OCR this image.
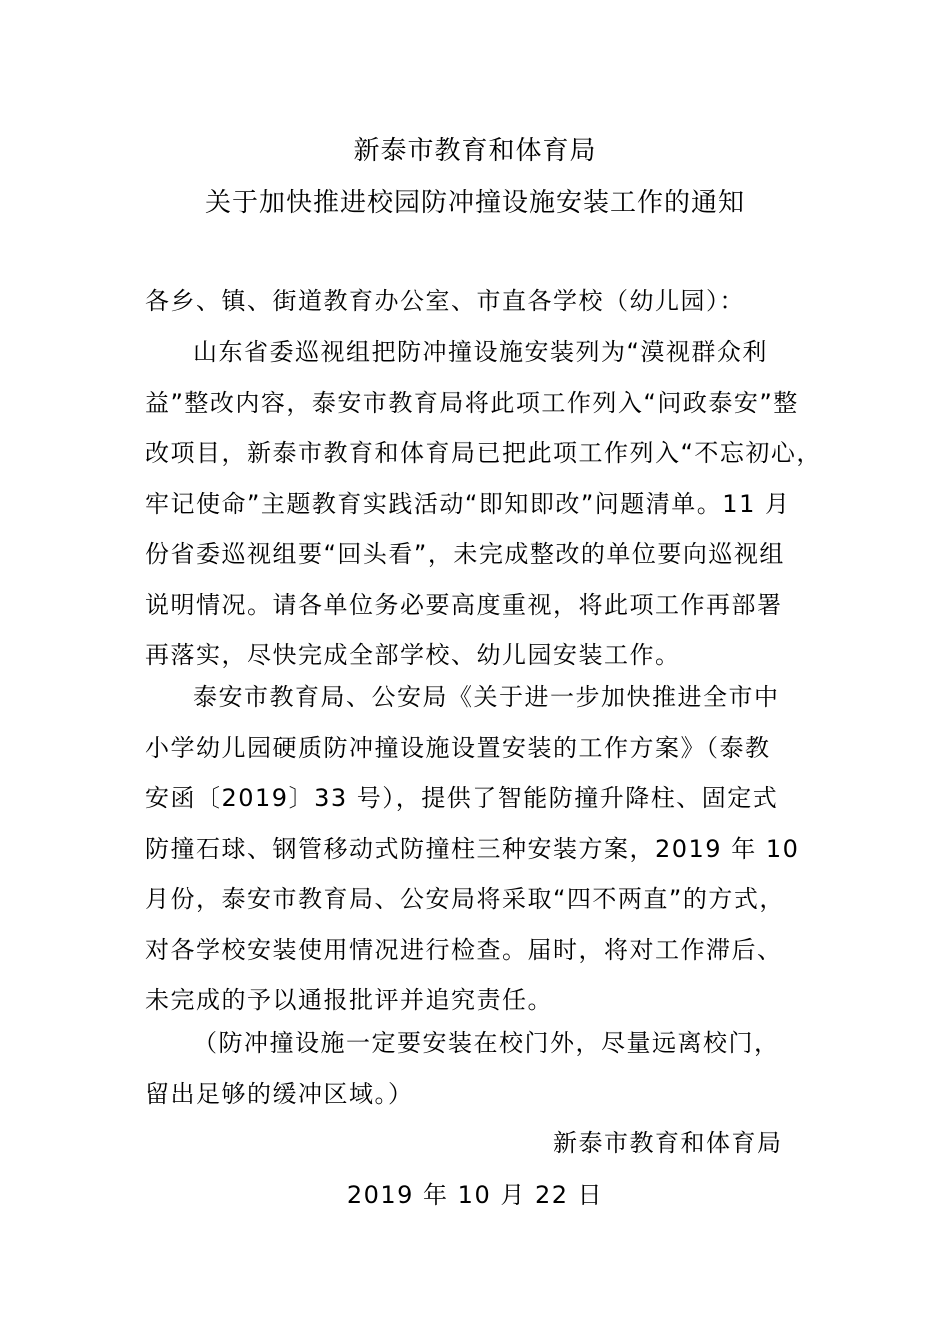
新泰市教育和体育局
关于加快推进校园防冲撞设施安装工作的通知
各乡、镇、街道教育办公室、市直各学校（幼儿园）：
山东省委巡视组把防冲撞设施安装列为“漠视群众利
益”整改内容，泰安市教育局将此项工作列入“问政泰安”整
改项目，新泰市教育和体育局已把此项工作列入“不忘初心，
牢记使命”主题教育实践活动“即知即改”问题清单。11 月
份省委巡视组要“回头看”，未完成整改的单位要向巡视组
说明情况。请各单位务必要高度重视，将此项工作再部署
再落实，尽快完成全部学校、幼儿园安装工作。
泰安市教育局、公安局《关于进一步加快推进全市中
小学幼儿园硬质防冲撞设施设置安装的工作方案》（泰教
安函〔2019〕33 号），提供了智能防撞升降柱、固定式
防撞石球、钢管移动式防撞柱三种安装方案，2019 年 10
月份，泰安市教育局、公安局将采取“四不两直”的方式，
对各学校安装使用情况进行检查。届时，将对工作滞后、
未完成的予以通报批评并追究责任。
（防冲撞设施一定要安装在校门外，尽量远离校门，
留出足够的缓冲区域。）
新泰市教育和体育局
2019 年 10 月 22 日
